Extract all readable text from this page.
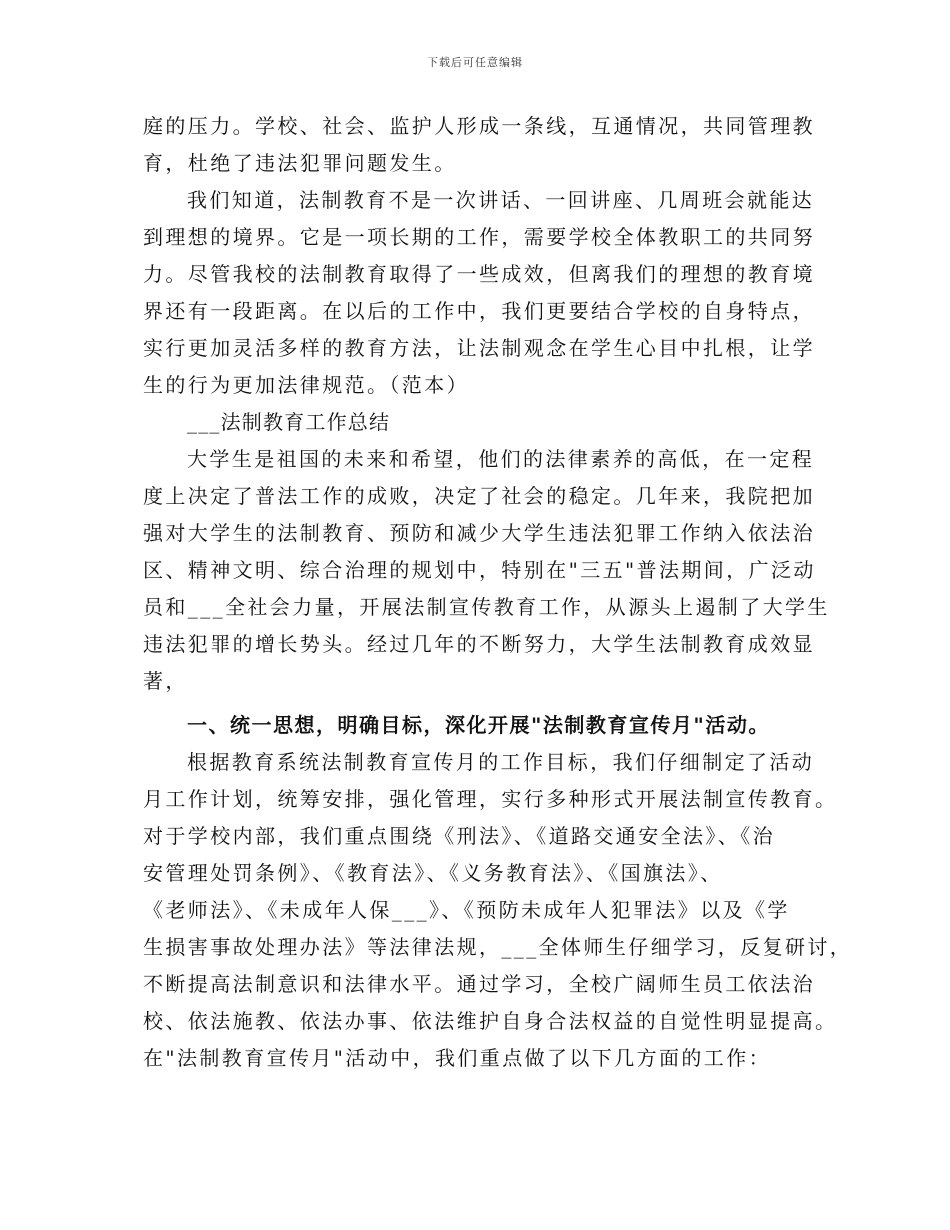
下载后可任意编辑
庭的压力。学校、社会、监护人形成一条线，互通情况，共同管理教
育，杜绝了违法犯罪问题发生。
我们知道，法制教育不是一次讲话、一回讲座、几周班会就能达
到理想的境界。它是一项长期的工作，需要学校全体教职工的共同努
力。尽管我校的法制教育取得了一些成效，但离我们的理想的教育境
界还有一段距离。在以后的工作中，我们更要结合学校的自身特点，
实行更加灵活多样的教育方法，让法制观念在学生心目中扎根，让学
生的行为更加法律规范。（范本）
___法制教育工作总结
大学生是祖国的未来和希望，他们的法律素养的高低，在一定程
度上决定了普法工作的成败，决定了社会的稳定。几年来，我院把加
强对大学生的法制教育、预防和减少大学生违法犯罪工作纳入依法治
区、精神文明、综合治理的规划中，特别在"三五"普法期间，广泛动
员和___全社会力量，开展法制宣传教育工作，从源头上遏制了大学生
违法犯罪的增长势头。经过几年的不断努力，大学生法制教育成效显
著，
一、统一思想，明确目标，深化开展"法制教育宣传月"活动。
根据教育系统法制教育宣传月的工作目标，我们仔细制定了活动
月工作计划，统筹安排，强化管理，实行多种形式开展法制宣传教育。
对于学校内部，我们重点围绕《刑法》、《道路交通安全法》、《治
安管理处罚条例》、《教育法》、《义务教育法》、《国旗法》、
《老师法》、《未成年人保___》、《预防未成年人犯罪法》以及《学
生损害事故处理办法》等法律法规，___全体师生仔细学习，反复研讨，
不断提高法制意识和法律水平。通过学习，全校广阔师生员工依法治
校、依法施教、依法办事、依法维护自身合法权益的自觉性明显提高。
在"法制教育宣传月"活动中，我们重点做了以下几方面的工作：
